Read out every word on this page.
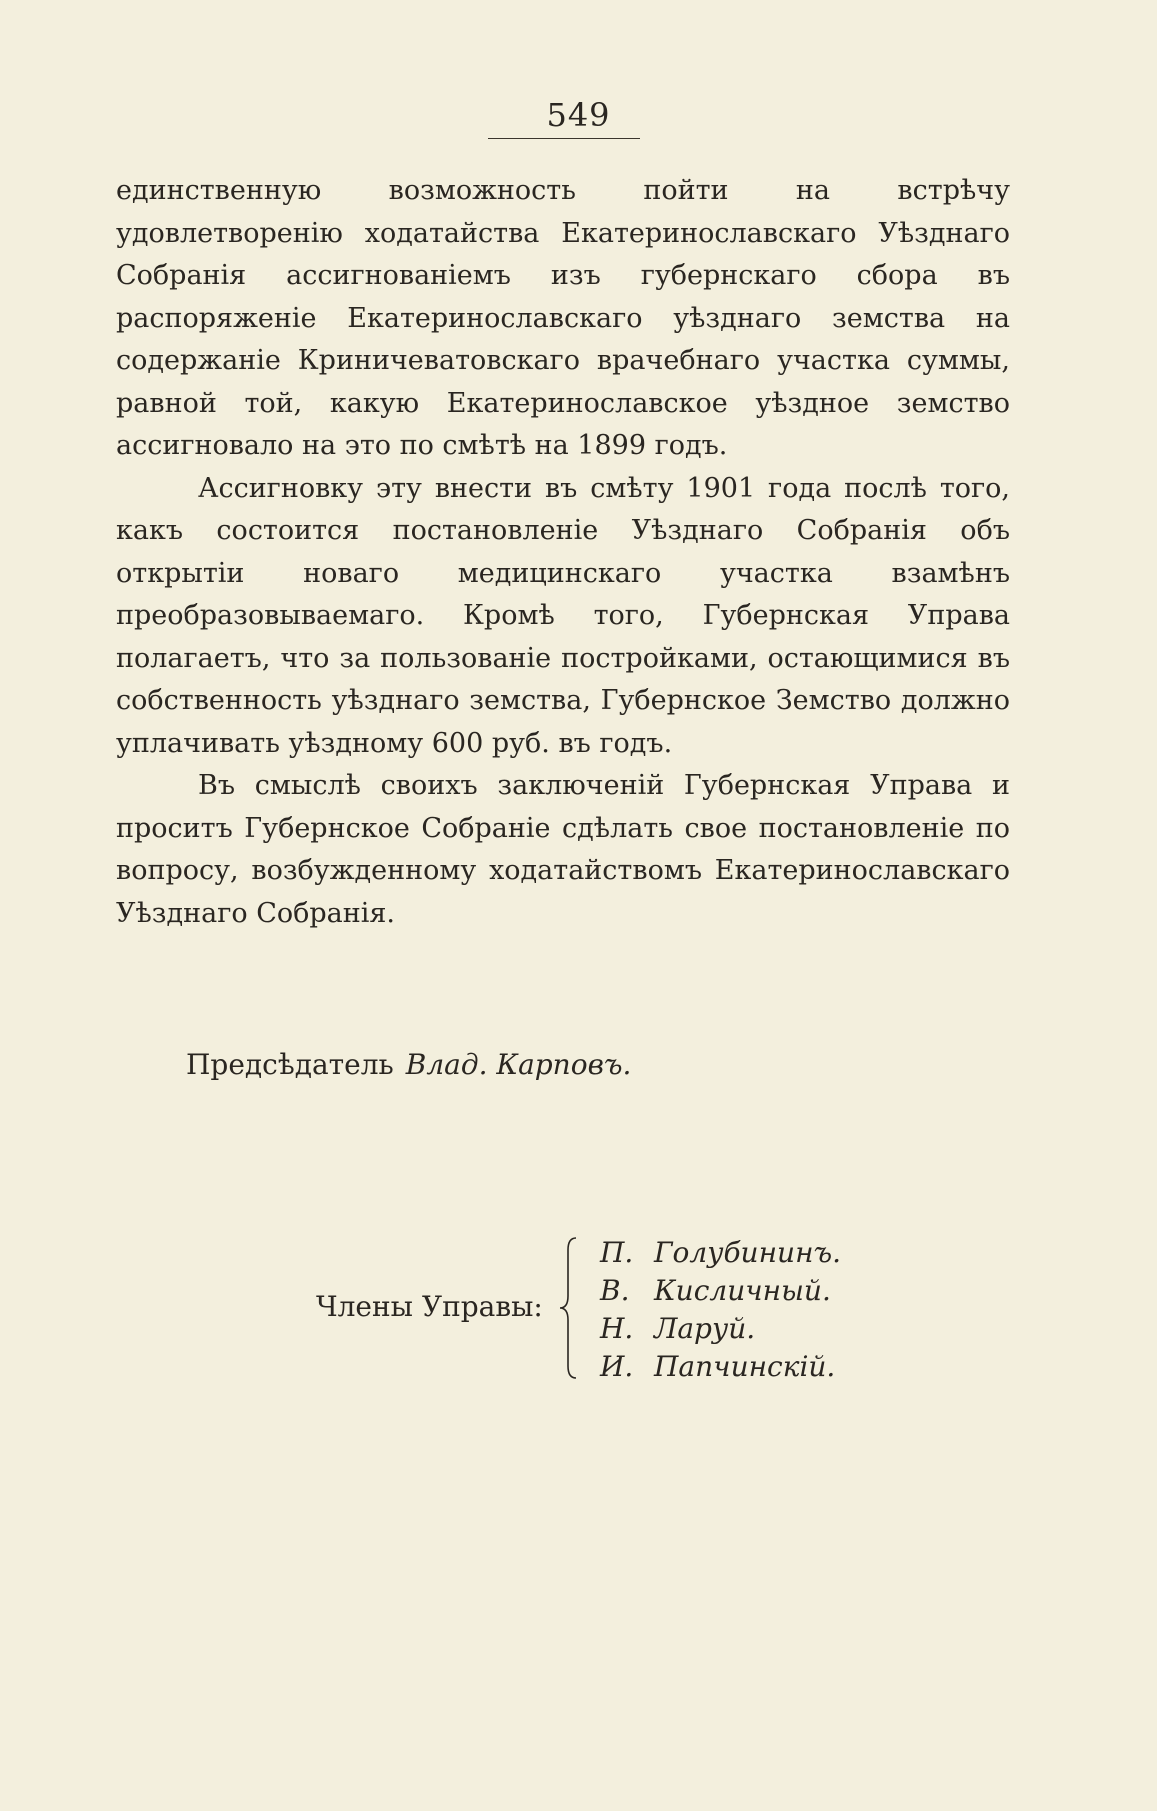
549

единственную возможность пойти на встрѣчу удовлетворенію ходатайства Екатеринославскаго Уѣзднаго Собранія ассигнованіемъ изъ губернскаго сбора въ распоряженіе Екатеринославскаго уѣзднаго земства на содержаніе Криничеватовскаго врачебнаго участка суммы, равной той, какую Екатеринославское уѣздное земство ассигновало на это по смѣтѣ на 1899 годъ.

Ассигновку эту внести въ смѣту 1901 года послѣ того, какъ состоится постановленіе Уѣзднаго Собранія объ открытіи новаго медицинскаго участка взамѣнъ преобразовываемаго. Кромѣ того, Губернская Управа полагаетъ, что за пользованіе постройками, остающимися въ собственность уѣзднаго земства, Губернское Земство должно уплачивать уѣздному 600 руб. въ годъ.

Въ смыслѣ своихъ заключеній Губернская Управа и проситъ Губернское Собраніе сдѣлать свое постановленіе по вопросу, возбужденному ходатайствомъ Екатеринославскаго Уѣзднаго Собранія.

Предсѣдатель Влад. Карповъ.
Члены Управы:
П. Голубининъ.
В. Кисличный.
Н. Ларуй.
И. Папчинскій.
